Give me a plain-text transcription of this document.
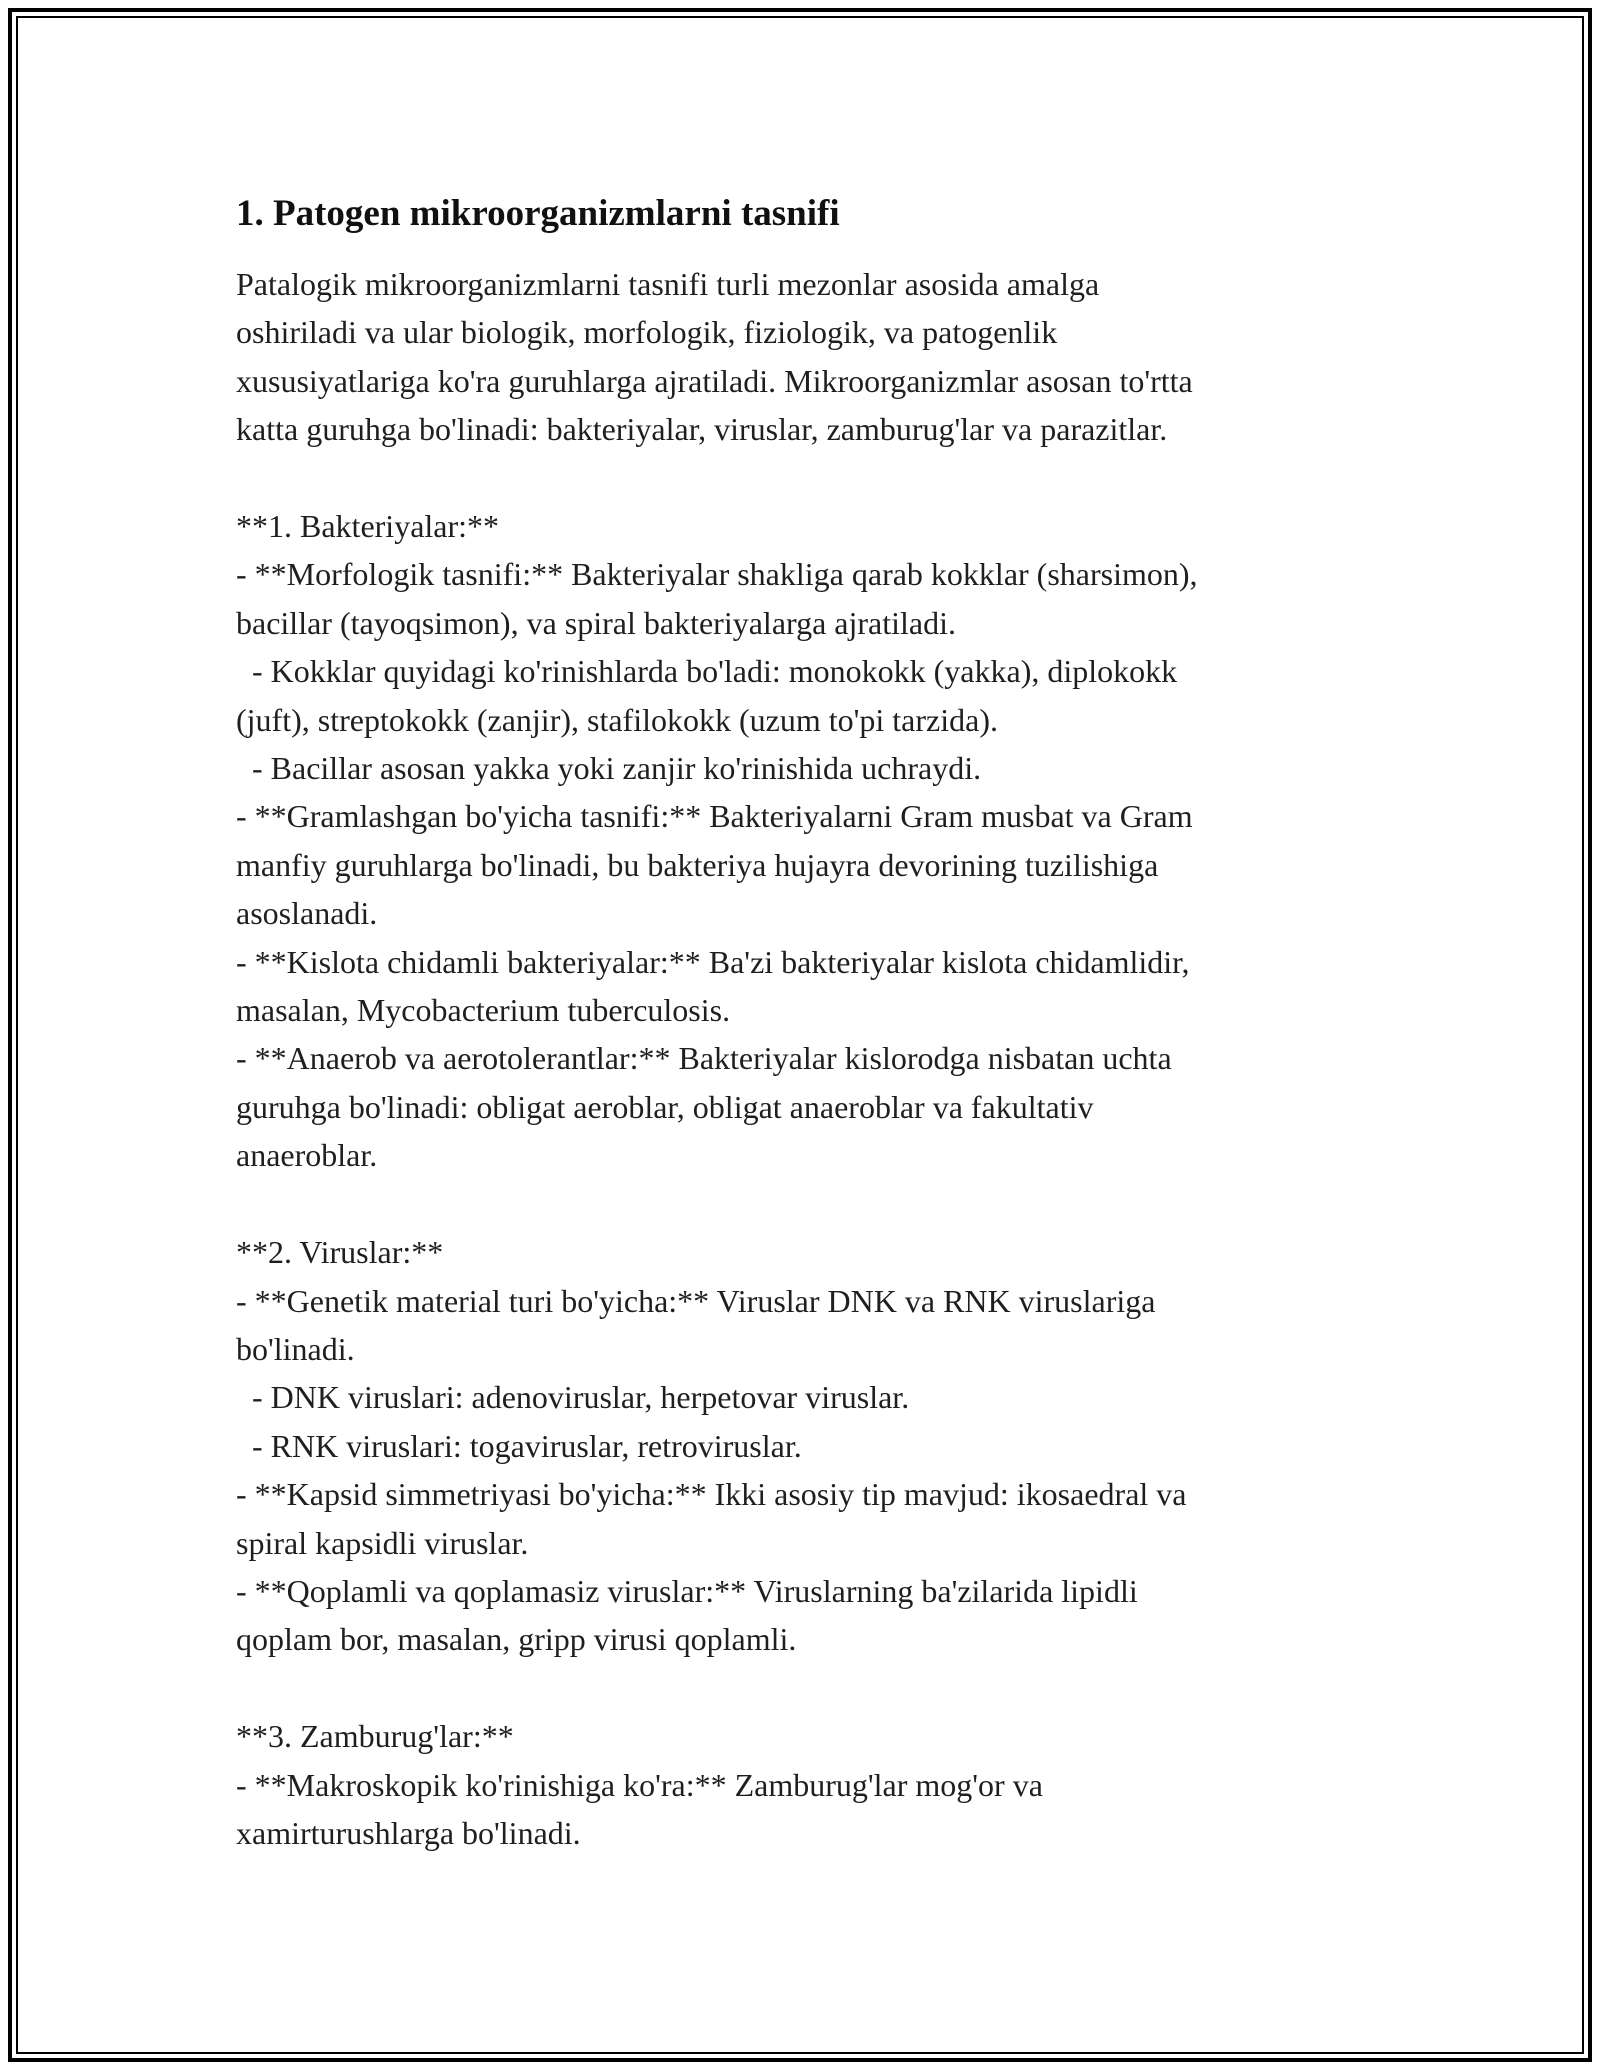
1. Patogen mikroorganizmlarni tasnifi
Patalogik mikroorganizmlarni tasnifi turli mezonlar asosida amalga
oshiriladi va ular biologik, morfologik, fiziologik, va patogenlik
xususiyatlariga ko'ra guruhlarga ajratiladi. Mikroorganizmlar asosan to'rtta
katta guruhga bo'linadi: bakteriyalar, viruslar, zamburug'lar va parazitlar.
**1. Bakteriyalar:**
- **Morfologik tasnifi:** Bakteriyalar shakliga qarab kokklar (sharsimon),
bacillar (tayoqsimon), va spiral bakteriyalarga ajratiladi.
- Kokklar quyidagi ko'rinishlarda bo'ladi: monokokk (yakka), diplokokk
(juft), streptokokk (zanjir), stafilokokk (uzum to'pi tarzida).
- Bacillar asosan yakka yoki zanjir ko'rinishida uchraydi.
- **Gramlashgan bo'yicha tasnifi:** Bakteriyalarni Gram musbat va Gram
manfiy guruhlarga bo'linadi, bu bakteriya hujayra devorining tuzilishiga
asoslanadi.
- **Kislota chidamli bakteriyalar:** Ba'zi bakteriyalar kislota chidamlidir,
masalan, Mycobacterium tuberculosis.
- **Anaerob va aerotolerantlar:** Bakteriyalar kislorodga nisbatan uchta
guruhga bo'linadi: obligat aeroblar, obligat anaeroblar va fakultativ
anaeroblar.
**2. Viruslar:**
- **Genetik material turi bo'yicha:** Viruslar DNK va RNK viruslariga
bo'linadi.
- DNK viruslari: adenoviruslar, herpetovar viruslar.
- RNK viruslari: togaviruslar, retroviruslar.
- **Kapsid simmetriyasi bo'yicha:** Ikki asosiy tip mavjud: ikosaedral va
spiral kapsidli viruslar.
- **Qoplamli va qoplamasiz viruslar:** Viruslarning ba'zilarida lipidli
qoplam bor, masalan, gripp virusi qoplamli.
**3. Zamburug'lar:**
- **Makroskopik ko'rinishiga ko'ra:** Zamburug'lar mog'or va
xamirturushlarga bo'linadi.
